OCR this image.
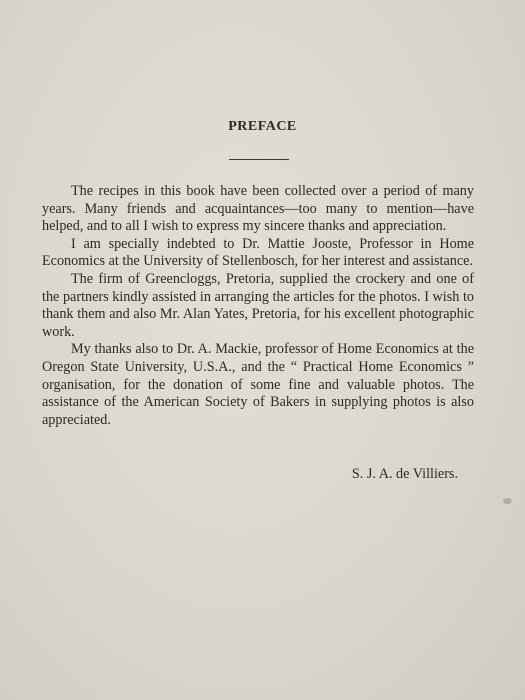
PREFACE

The recipes in this book have been collected over a period of many years. Many friends and acquaintances—too many to mention—have helped, and to all I wish to express my sincere thanks and appreciation.

I am specially indebted to Dr. Mattie Jooste, Professor in Home Economics at the University of Stellenbosch, for her interest and assistance.

The firm of Greencloggs, Pretoria, supplied the crockery and one of the partners kindly assisted in arranging the articles for the photos. I wish to thank them and also Mr. Alan Yates, Pretoria, for his excellent photographic work.

My thanks also to Dr. A. Mackie, professor of Home Economics at the Oregon State University, U.S.A., and the “ Practical Home Economics ” organisation, for the donation of some fine and valuable photos. The assistance of the American Society of Bakers in supplying photos is also appreciated.

S. J. A. de Villiers.
